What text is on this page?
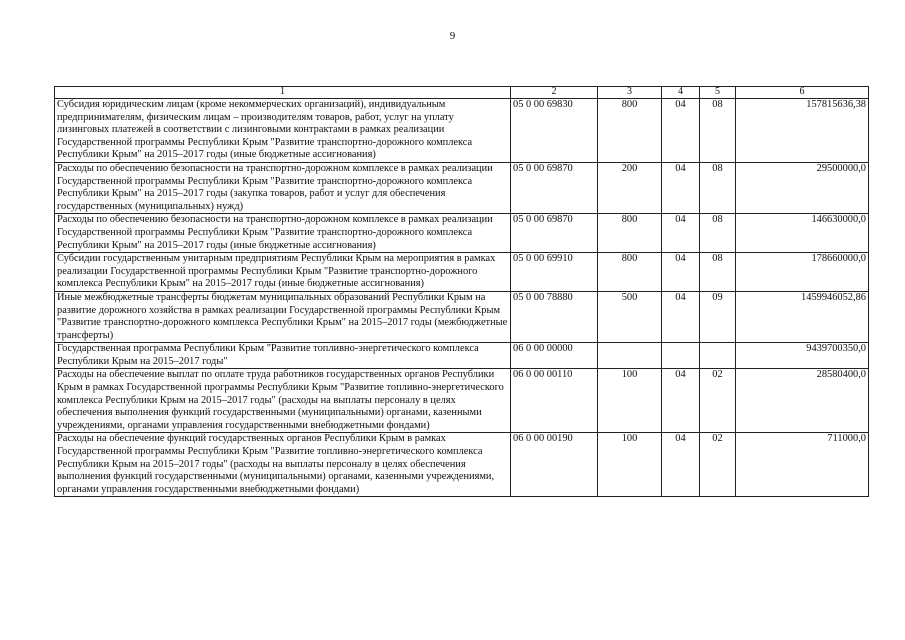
9
1	2	3	4	5	6
Субсидия юридическим лицам (кроме некоммерческих организаций), индивидуальным предпринимателям, физическим лицам – производителям товаров, работ, услуг на уплату лизинговых платежей в соответствии с лизинговыми контрактами в рамках реализации Государственной программы Республики Крым "Развитие транспортно-дорожного комплекса Республики Крым" на 2015–2017 годы (иные бюджетные ассигнования)	05 0 00 69830	800	04	08	157815636,38
Расходы по обеспечению безопасности на транспортно-дорожном комплексе в рамках реализации Государственной программы Республики Крым "Развитие транспортно-дорожного комплекса Республики Крым" на 2015–2017 годы (закупка товаров, работ и услуг для обеспечения государственных (муниципальных) нужд)	05 0 00 69870	200	04	08	29500000,0
Расходы по обеспечению безопасности на транспортно-дорожном комплексе в рамках реализации Государственной программы Республики Крым "Развитие транспортно-дорожного комплекса Республики Крым" на 2015–2017 годы (иные бюджетные ассигнования)	05 0 00 69870	800	04	08	146630000,0
Субсидии государственным унитарным предприятиям Республики Крым на мероприятия в рамках реализации Государственной программы Республики Крым "Развитие транспортно-дорожного комплекса Республики Крым" на 2015–2017 годы (иные бюджетные ассигнования)	05 0 00 69910	800	04	08	178660000,0
Иные межбюджетные трансферты бюджетам муниципальных образований Республики Крым на развитие дорожного хозяйства в рамках реализации Государственной программы Республики Крым "Развитие транспортно-дорожного комплекса Республики Крым" на 2015–2017 годы (межбюджетные трансферты)	05 0 00 78880	500	04	09	1459946052,86
Государственная программа Республики Крым "Развитие топливно-энергетического комплекса Республики Крым на 2015–2017 годы"	06 0 00 00000				9439700350,0
Расходы на обеспечение выплат по оплате труда работников государственных органов Республики Крым в рамках Государственной программы Республики Крым "Развитие топливно-энергетического комплекса Республики Крым на 2015–2017 годы" (расходы на выплаты персоналу в целях обеспечения выполнения функций государственными (муниципальными) органами, казенными учреждениями, органами управления государственными внебюджетными фондами)	06 0 00 00110	100	04	02	28580400,0
Расходы на обеспечение функций государственных органов Республики Крым в рамках Государственной программы Республики Крым "Развитие топливно-энергетического комплекса Республики Крым на 2015–2017 годы" (расходы на выплаты персоналу в целях обеспечения выполнения функций государственными (муниципальными) органами, казенными учреждениями, органами управления государственными внебюджетными фондами)	06 0 00 00190	100	04	02	711000,0
